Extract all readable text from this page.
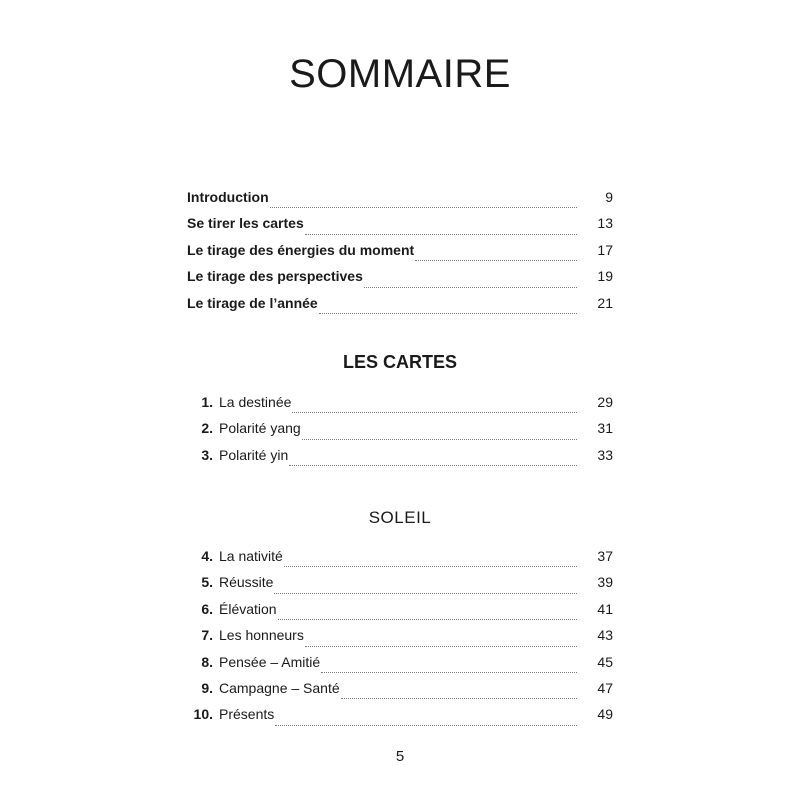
SOMMAIRE
Introduction	9
Se tirer les cartes	13
Le tirage des énergies du moment	17
Le tirage des perspectives	19
Le tirage de l’année	21
LES CARTES
1. La destinée	29
2. Polarité yang	31
3. Polarité yin	33
SOLEIL
4. La nativité	37
5. Réussite	39
6. Élévation	41
7. Les honneurs	43
8. Pensée – Amitié	45
9. Campagne – Santé	47
10. Présents	49
5
